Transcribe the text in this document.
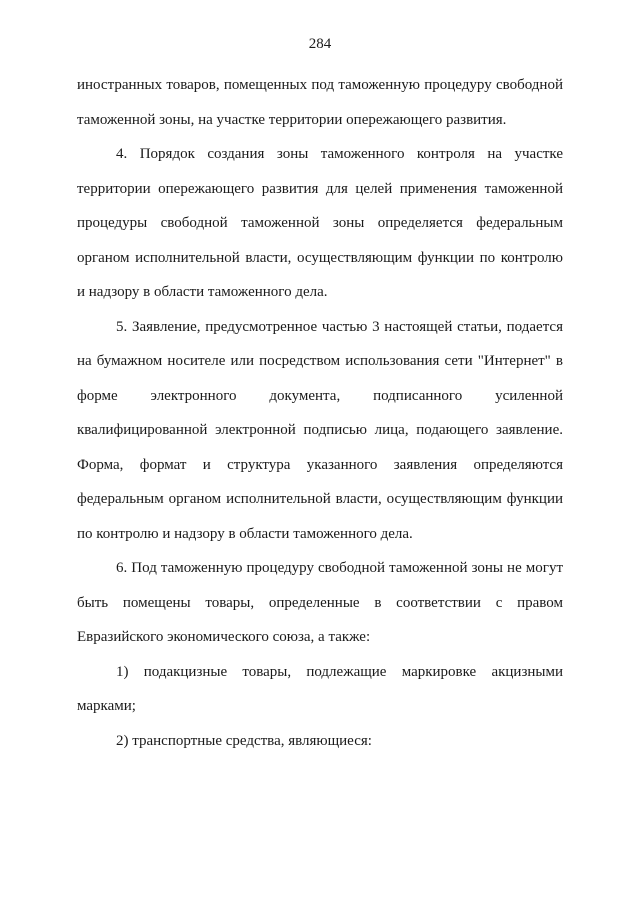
284

иностранных товаров, помещенных под таможенную процедуру свободной таможенной зоны, на участке территории опережающего развития.

4. Порядок создания зоны таможенного контроля на участке территории опережающего развития для целей применения таможенной процедуры свободной таможенной зоны определяется федеральным органом исполнительной власти, осуществляющим функции по контролю и надзору в области таможенного дела.

5. Заявление, предусмотренное частью 3 настоящей статьи, подается на бумажном носителе или посредством использования сети "Интернет" в форме электронного документа, подписанного усиленной квалифицированной электронной подписью лица, подающего заявление. Форма, формат и структура указанного заявления определяются федеральным органом исполнительной власти, осуществляющим функции по контролю и надзору в области таможенного дела.

6. Под таможенную процедуру свободной таможенной зоны не могут быть помещены товары, определенные в соответствии с правом Евразийского экономического союза, а также:

1) подакцизные товары, подлежащие маркировке акцизными марками;

2) транспортные средства, являющиеся:
